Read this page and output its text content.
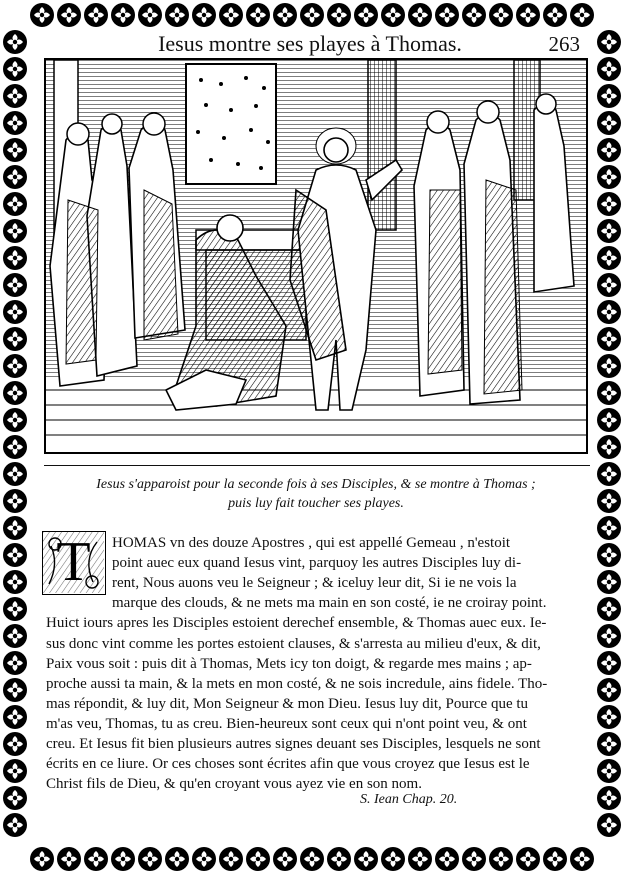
Iesus montre ses playes à Thomas.	263
Iesus s'apparoist pour la seconde fois à ses Disciples, & se montre à Thomas ;
puis luy fait toucher ses playes.
T	HOMAS vn des douze Apostres , qui est appellé Gemeau , n'estoit
point auec eux quand Iesus vint, parquoy les autres Disciples luy di-
rent, Nous auons veu le Seigneur ; & iceluy leur dit, Si ie ne vois la
marque des clouds, & ne mets ma main en son costé, ie ne croiray point.
Huict iours apres les Disciples estoient derechef ensemble, & Thomas auec eux. Ie-
sus donc vint comme les portes estoient clauses, & s'arresta au milieu d'eux, & dit,
Paix vous soit : puis dit à Thomas, Mets icy ton doigt, & regarde mes mains ; ap-
proche aussi ta main, & la mets en mon costé, & ne sois incredule, ains fidele. Tho-
mas répondit, & luy dit, Mon Seigneur & mon Dieu. Iesus luy dit, Pource que tu
m'as veu, Thomas, tu as creu. Bien-heureux sont ceux qui n'ont point veu, & ont
creu. Et Iesus fit bien plusieurs autres signes deuant ses Disciples, lesquels ne sont
écrits en ce liure. Or ces choses sont écrites afin que vous croyez que Iesus est le
Christ fils de Dieu, & qu'en croyant vous ayez vie en son nom.
S. Iean Chap. 20.
